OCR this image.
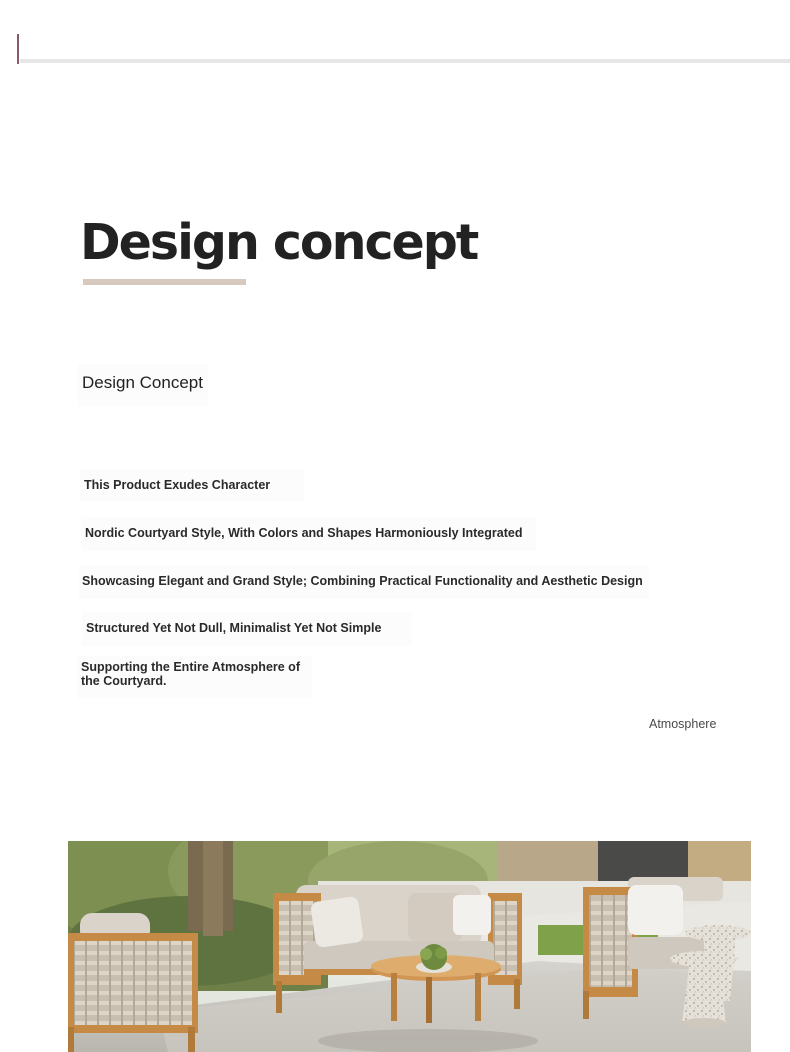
Design concept
Design Concept
This Product Exudes Character
Nordic Courtyard Style, With Colors and Shapes Harmoniously Integrated
Showcasing Elegant and Grand Style; Combining Practical Functionality and Aesthetic Design
Structured Yet Not Dull, Minimalist Yet Not Simple
Supporting the Entire Atmosphere of
the Courtyard.
Atmosphere
